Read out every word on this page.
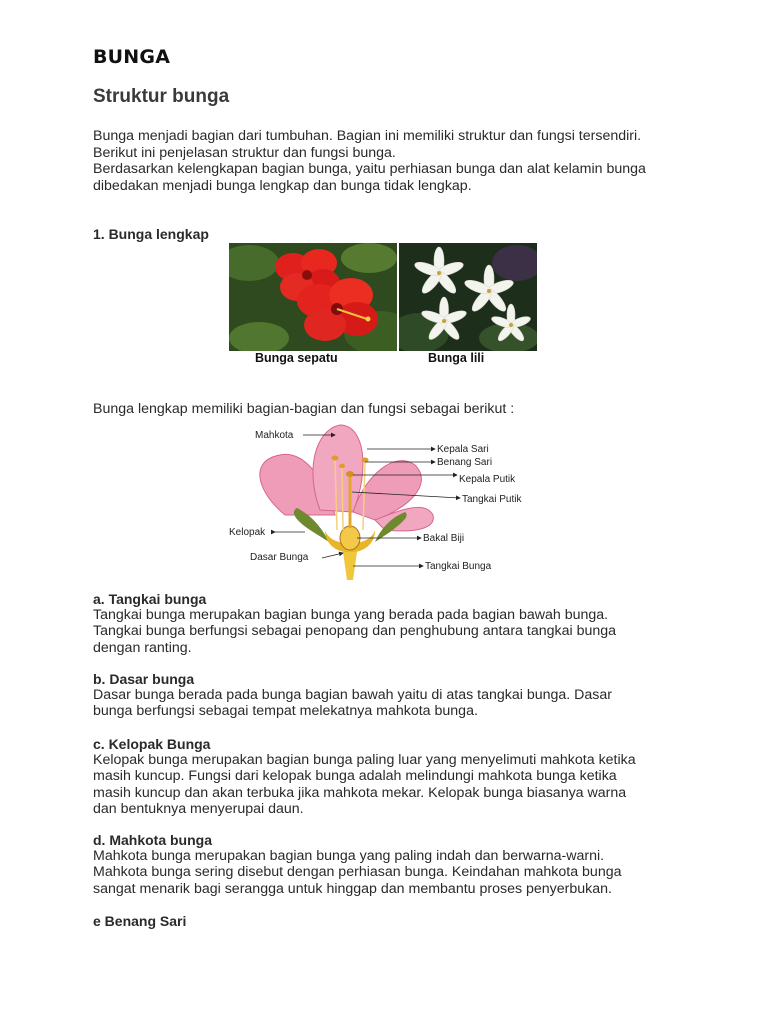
BUNGA
Struktur bunga
Bunga menjadi bagian dari tumbuhan. Bagian ini memiliki struktur dan fungsi tersendiri.
Berikut ini penjelasan struktur dan fungsi bunga.
Berdasarkan kelengkapan bagian bunga, yaitu perhiasan bunga dan alat kelamin bunga
dibedakan menjadi bunga lengkap dan bunga tidak lengkap.
1. Bunga lengkap
Bunga sepatu	Bunga lili
Bunga lengkap memiliki bagian-bagian dan fungsi sebagai berikut :
Mahkota
Kepala Sari
Benang Sari
Kepala Putik
Tangkai Putik
Kelopak
Bakal Biji
Dasar Bunga
Tangkai Bunga
a. Tangkai bunga
Tangkai bunga merupakan bagian bunga yang berada pada bagian bawah bunga.
Tangkai bunga berfungsi sebagai penopang dan penghubung antara tangkai bunga
dengan ranting.
b. Dasar bunga
Dasar bunga berada pada bunga bagian bawah yaitu di atas tangkai bunga. Dasar
bunga berfungsi sebagai tempat melekatnya mahkota bunga.
c. Kelopak Bunga
Kelopak bunga merupakan bagian bunga paling luar yang menyelimuti mahkota ketika
masih kuncup. Fungsi dari kelopak bunga adalah melindungi mahkota bunga ketika
masih kuncup dan akan terbuka jika mahkota mekar. Kelopak bunga biasanya warna
dan bentuknya menyerupai daun.
d. Mahkota bunga
Mahkota bunga merupakan bagian bunga yang paling indah dan berwarna-warni.
Mahkota bunga sering disebut dengan perhiasan bunga. Keindahan mahkota bunga
sangat menarik bagi serangga untuk hinggap dan membantu proses penyerbukan.
e Benang Sari
